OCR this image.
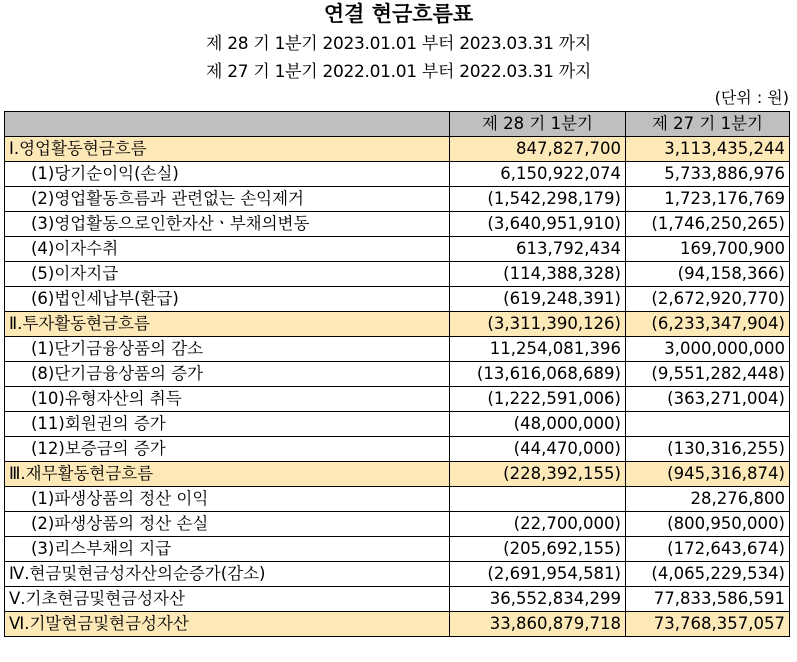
연결 현금흐름표
제 28 기 1분기 2023.01.01 부터 2023.03.31 까지
제 27 기 1분기 2022.01.01 부터 2022.03.31 까지
(단위 : 원)
	제 28 기 1분기	제 27 기 1분기
Ⅰ.영업활동현금흐름	847,827,700	3,113,435,244
(1)당기순이익(손실)	6,150,922,074	5,733,886,976
(2)영업활동흐름과 관련없는 손익제거	(1,542,298,179)	1,723,176,769
(3)영업활동으로인한자산ㆍ부채의변동	(3,640,951,910)	(1,746,250,265)
(4)이자수취	613,792,434	169,700,900
(5)이자지급	(114,388,328)	(94,158,366)
(6)법인세납부(환급)	(619,248,391)	(2,672,920,770)
Ⅱ.투자활동현금흐름	(3,311,390,126)	(6,233,347,904)
(1)단기금융상품의 감소	11,254,081,396	3,000,000,000
(8)단기금융상품의 증가	(13,616,068,689)	(9,551,282,448)
(10)유형자산의 취득	(1,222,591,006)	(363,271,004)
(11)회원권의 증가	(48,000,000)	
(12)보증금의 증가	(44,470,000)	(130,316,255)
Ⅲ.재무활동현금흐름	(228,392,155)	(945,316,874)
(1)파생상품의 정산 이익		28,276,800
(2)파생상품의 정산 손실	(22,700,000)	(800,950,000)
(3)리스부채의 지급	(205,692,155)	(172,643,674)
Ⅳ.현금및현금성자산의순증가(감소)	(2,691,954,581)	(4,065,229,534)
Ⅴ.기초현금및현금성자산	36,552,834,299	77,833,586,591
Ⅵ.기말현금및현금성자산	33,860,879,718	73,768,357,057
